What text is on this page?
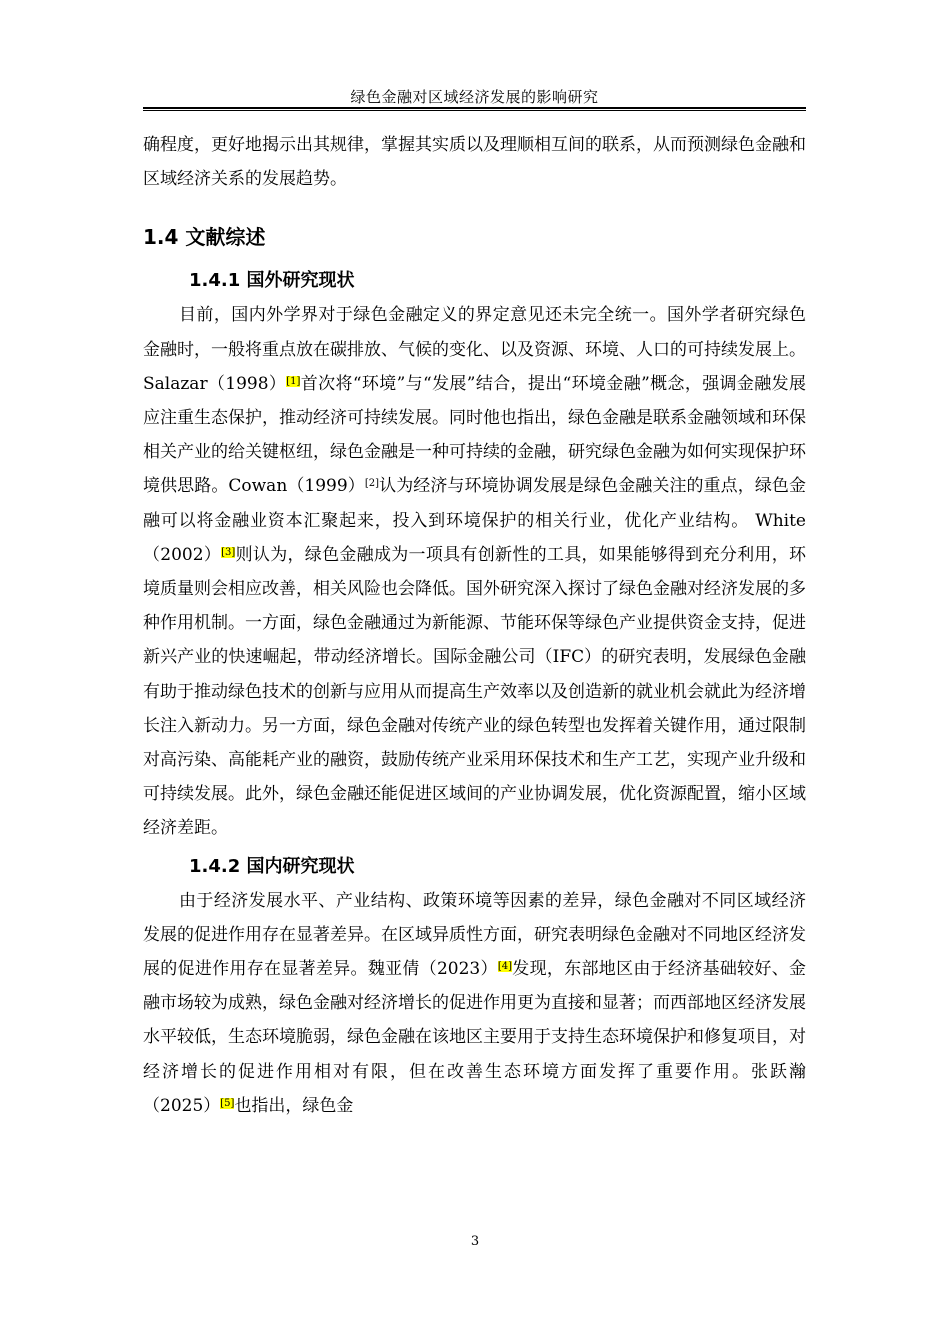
绿色金融对区域经济发展的影响研究

确程度，更好地揭示出其规律，掌握其实质以及理顺相互间的联系，从而预测绿色金融和区域经济关系的发展趋势。

1.4 文献综述
1.4.1 国外研究现状

目前，国内外学界对于绿色金融定义的界定意见还未完全统一。国外学者研究绿色金融时，一般将重点放在碳排放、气候的变化、以及资源、环境、人口的可持续发展上。Salazar（1998）[1]首次将“环境”与“发展”结合，提出“环境金融”概念，强调金融发展应注重生态保护，推动经济可持续发展。同时他也指出，绿色金融是联系金融领域和环保相关产业的给关键枢纽，绿色金融是一种可持续的金融，研究绿色金融为如何实现保护环境供思路。Cowan（1999）[2]认为经济与环境协调发展是绿色金融关注的重点，绿色金融可以将金融业资本汇聚起来，投入到环境保护的相关行业，优化产业结构。 White（2002）[3]则认为，绿色金融成为一项具有创新性的工具，如果能够得到充分利用，环境质量则会相应改善，相关风险也会降低。国外研究深入探讨了绿色金融对经济发展的多种作用机制。一方面，绿色金融通过为新能源、节能环保等绿色产业提供资金支持，促进新兴产业的快速崛起，带动经济增长。国际金融公司（IFC）的研究表明，发展绿色金融有助于推动绿色技术的创新与应用从而提高生产效率以及创造新的就业机会就此为经济增长注入新动力。另一方面，绿色金融对传统产业的绿色转型也发挥着关键作用，通过限制对高污染、高能耗产业的融资，鼓励传统产业采用环保技术和生产工艺，实现产业升级和可持续发展。此外，绿色金融还能促进区域间的产业协调发展，优化资源配置，缩小区域经济差距。

1.4.2 国内研究现状

由于经济发展水平、产业结构、政策环境等因素的差异，绿色金融对不同区域经济发展的促进作用存在显著差异。在区域异质性方面，研究表明绿色金融对不同地区经济发展的促进作用存在显著差异。魏亚倩（2023）[4]发现，东部地区由于经济基础较好、金融市场较为成熟，绿色金融对经济增长的促进作用更为直接和显著；而西部地区经济发展水平较低，生态环境脆弱，绿色金融在该地区主要用于支持生态环境保护和修复项目，对经济增长的促进作用相对有限，但在改善生态环境方面发挥了重要作用。张跃瀚（2025）[5]也指出，绿色金

3
